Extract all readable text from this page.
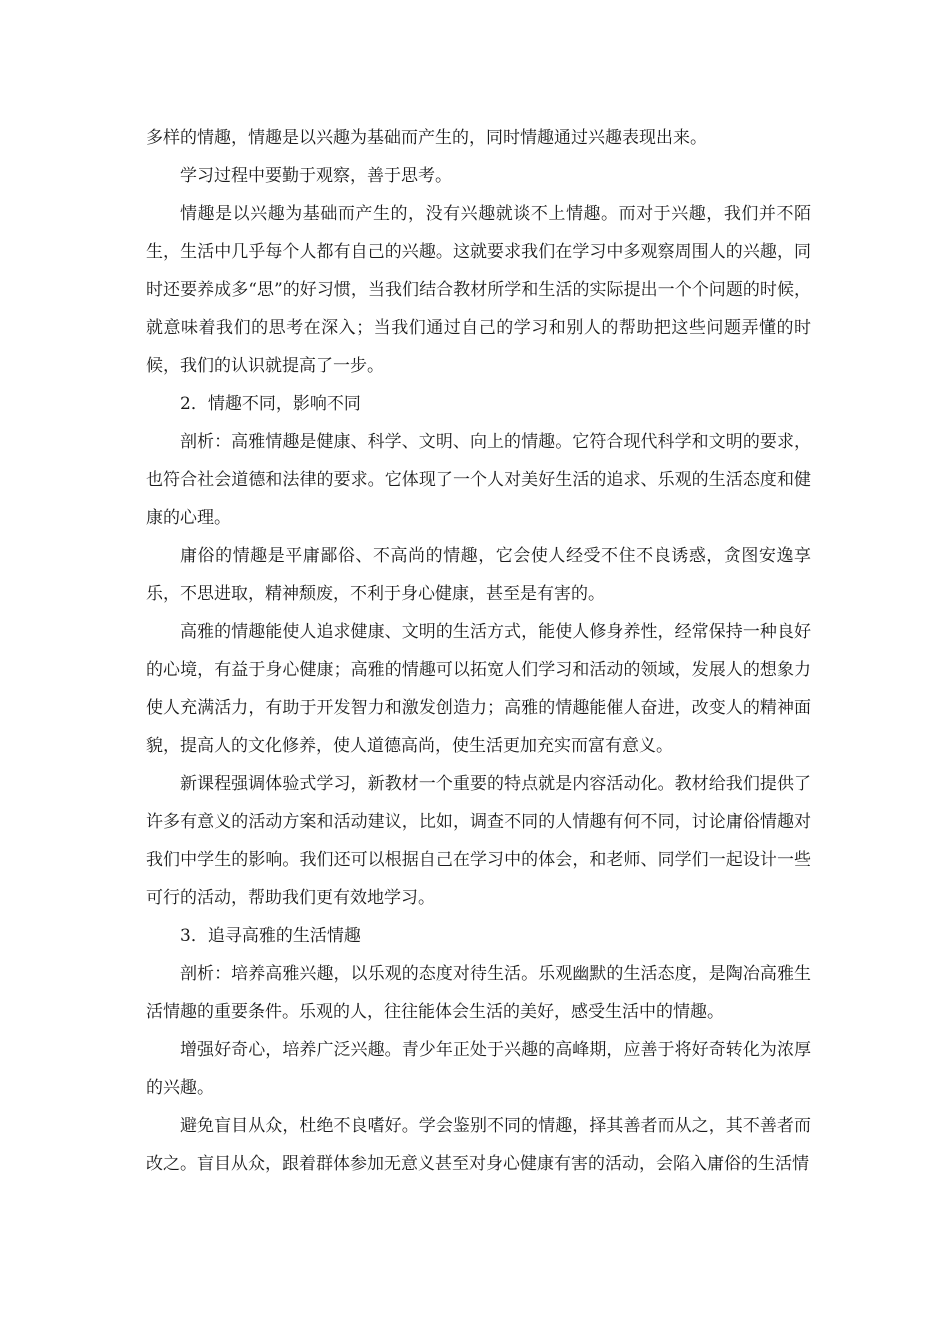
多样的情趣，情趣是以兴趣为基础而产生的，同时情趣通过兴趣表现出来。

学习过程中要勤于观察，善于思考。

情趣是以兴趣为基础而产生的，没有兴趣就谈不上情趣。而对于兴趣，我们并不陌生，生活中几乎每个人都有自己的兴趣。这就要求我们在学习中多观察周围人的兴趣，同时还要养成多“思”的好习惯，当我们结合教材所学和生活的实际提出一个个问题的时候，就意味着我们的思考在深入；当我们通过自己的学习和别人的帮助把这些问题弄懂的时候，我们的认识就提高了一步。

2．情趣不同，影响不同

剖析：高雅情趣是健康、科学、文明、向上的情趣。它符合现代科学和文明的要求，也符合社会道德和法律的要求。它体现了一个人对美好生活的追求、乐观的生活态度和健康的心理。

庸俗的情趣是平庸鄙俗、不高尚的情趣，它会使人经受不住不良诱惑，贪图安逸享乐，不思进取，精神颓废，不利于身心健康，甚至是有害的。

高雅的情趣能使人追求健康、文明的生活方式，能使人修身养性，经常保持一种良好的心境，有益于身心健康；高雅的情趣可以拓宽人们学习和活动的领域，发展人的想象力使人充满活力，有助于开发智力和激发创造力；高雅的情趣能催人奋进，改变人的精神面貌，提高人的文化修养，使人道德高尚，使生活更加充实而富有意义。

新课程强调体验式学习，新教材一个重要的特点就是内容活动化。教材给我们提供了许多有意义的活动方案和活动建议，比如，调查不同的人情趣有何不同，讨论庸俗情趣对我们中学生的影响。我们还可以根据自己在学习中的体会，和老师、同学们一起设计一些可行的活动，帮助我们更有效地学习。

3．追寻高雅的生活情趣

剖析：培养高雅兴趣，以乐观的态度对待生活。乐观幽默的生活态度，是陶冶高雅生活情趣的重要条件。乐观的人，往往能体会生活的美好，感受生活中的情趣。

增强好奇心，培养广泛兴趣。青少年正处于兴趣的高峰期，应善于将好奇转化为浓厚的兴趣。

避免盲目从众，杜绝不良嗜好。学会鉴别不同的情趣，择其善者而从之，其不善者而改之。盲目从众，跟着群体参加无意义甚至对身心健康有害的活动，会陷入庸俗的生活情
